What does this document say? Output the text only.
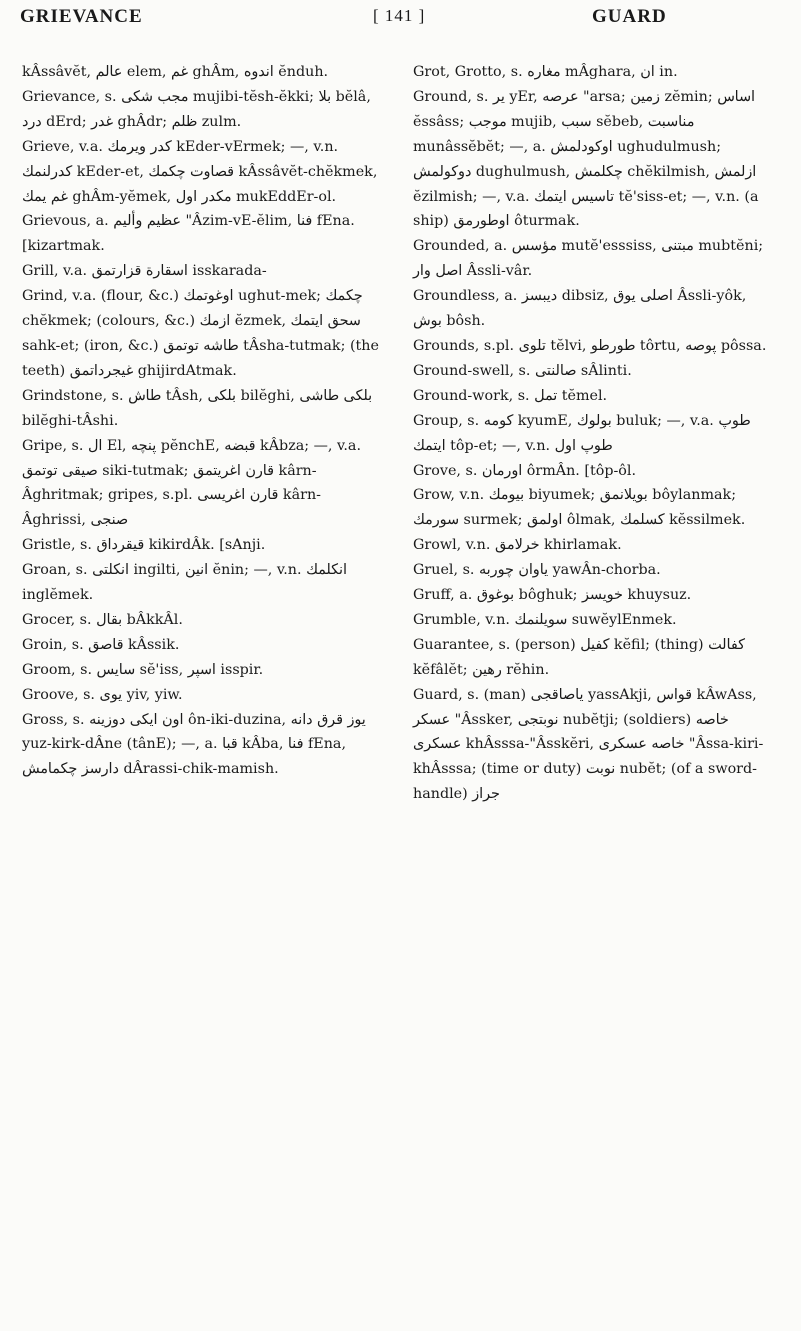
GRIEVANCE	[ 141 ]	GUARD
kÂssâvĕt, عالم elem, غم ghÂm, اندوه ĕnduh.
Grievance, s. مجب شكى mujibi-tĕsh-ĕkki; بلا bĕlâ, درد dErd; غدر ghÂdr; ظلم zulm.
Grieve, v.a. كدر ويرمك kEder-vErmek; —, v.n. كدرلنمك kEder-et, قصاوت چكمك kÂssâvĕt-chĕkmek, غم يمك ghÂm-yĕmek, مكدر اول mukEddEr-ol.
Grievous, a. عظيم وأليم "Âzim-vE-ĕlim, فنا fEna. [kizartmak.
Grill, v.a. اسقارة قزارتمق isskarada-
Grind, v.a. (flour, &c.) اوغوتمك ughut-mek; چكمك chĕkmek; (colours, &c.) ازمك ĕzmek, سحق ايتمك sahk-et; (iron, &c.) طاشه توتمق tÂsha-tutmak; (the teeth) غيجرداتمق ghijirdAtmak.
Grindstone, s. طاش tÂsh, بلكى bilĕghi, بلكى طاشى bilĕghi-tÂshi.
Gripe, s. ال El, پنچه pĕnchE, قبضه kÂbza; —, v.a. صيقى توتمق siki-tutmak; قارن اغريتمق kârn-Âghritmak; gripes, s.pl. قارن اغريسى kârn-Âghrissi, صنجى
Gristle, s. قيقرداق kikirdÂk. [sAnji.
Groan, s. انكلتى ingilti, انين ĕnin; —, v.n. انكلمك inglĕmek.
Grocer, s. بقال bÂkkÂl.
Groin, s. قاصق kÂssik.
Groom, s. سايس sĕ'iss, اسپر isspir.
Groove, s. يوى yiv, yiw.
Gross, s. اون ايكى دوزينه ôn-iki-duzina, يوز قرق دانه yuz-kirk-dÂne (tânE); —, a. قبا kÂba, فنا fEna, دارسز چكمامش dÂrassi-chik-mamish.
Grot, Grotto, s. مغاره mÂghara, ان in.
Ground, s. ير yEr, عرصه "arsa; زمين zĕmin; اساس ĕssâss; موجب mujib, سبب sĕbeb, مناسبت munâssĕbĕt; —, a. اوكودلمش ughudulmush; دوكولمش dughulmush, چكلمش chĕkilmish, ازلمش ĕzilmish; —, v.a. تاسيس ايتمك tĕ'siss-et; —, v.n. (a ship) اوطورمق ôturmak.
Grounded, a. مؤسس mutĕ'esssiss, مبتنى mubtĕni; اصل وار Âssli-vâr.
Groundless, a. ديبسز dibsiz, اصلى يوق Âssli-yôk, بوش bôsh.
Grounds, s.pl. تلوى tĕlvi, طورطو tôrtu, پوصه pôssa.
Ground-swell, s. صالنتى sÂlinti.
Ground-work, s. تمل tĕmel.
Group, s. كومه kyumE, بولوك buluk; —, v.a. طوپ ايتمك tôp-et; —, v.n. طوپ اول
Grove, s. اورمان ôrmÂn. [tôp-ôl.
Grow, v.n. بيومك biyumek; بويلانمق bôylanmak; سورمك surmek; اولمق ôlmak, كسلمك kĕssilmek.
Growl, v.n. خرلامق khirlamak.
Gruel, s. ياوان چوربه yawÂn-chorba.
Gruff, a. بوغوق bôghuk; خويسز khuysuz.
Grumble, v.n. سويلنمك suwĕylEnmek.
Guarantee, s. (person) كفيل kĕfil; (thing) كفالت kĕfâlĕt; رهين rĕhin.
Guard, s. (man) ياصاقجى yassAkji, قواس kÂwAss, عسكر "Âssker, نوبتجى nubĕtji; (soldiers) خاصه عسكرى khÂsssa-"Âsskĕri, خاصه عسكرى "Âssa-kiri-khÂsssa; (time or duty) نوبت nubĕt; (of a sword-handle) جراز
